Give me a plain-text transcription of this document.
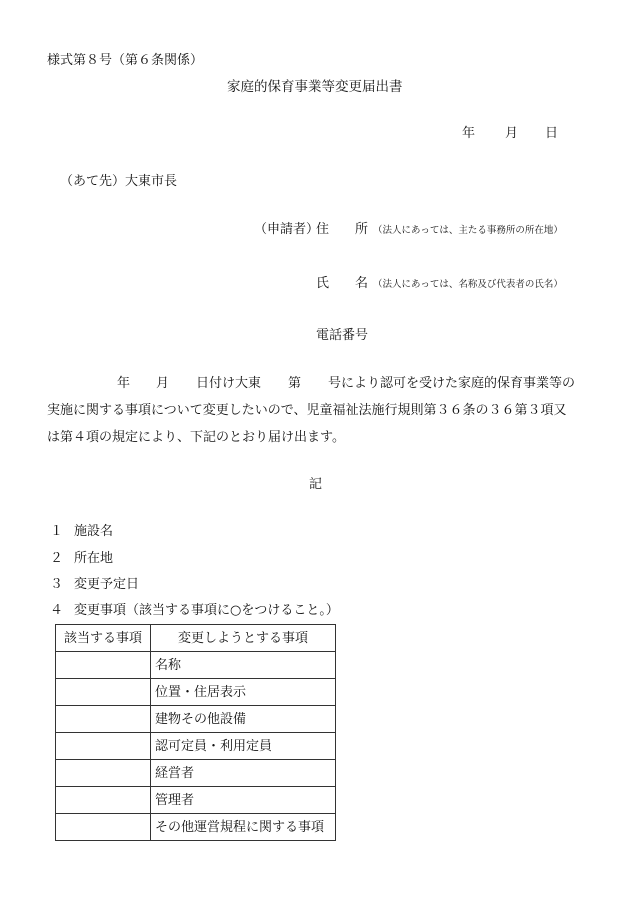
様式第８号（第６条関係）
家庭的保育事業等変更届出書
年 月 日
（あて先）大東市長
（申請者）
住　　所 （法人にあっては、主たる事務所の所在地）
氏　　名 （法人にあっては、名称及び代表者の氏名）
電話番号
年 月 日付け大東 第 号により認可を受けた家庭的保育事業等の
実施に関する事項について変更したいので、児童福祉法施行規則第３６条の３６第３項又
は第４項の規定により、下記のとおり届け出ます。
記
１ 施設名
２ 所在地
３ 変更予定日
４ 変更事項（該当する事項に○をつけること。）
該当する事項	変更しようとする事項
	名称
	位置・住居表示
	建物その他設備
	認可定員・利用定員
	経営者
	管理者
	その他運営規程に関する事項
